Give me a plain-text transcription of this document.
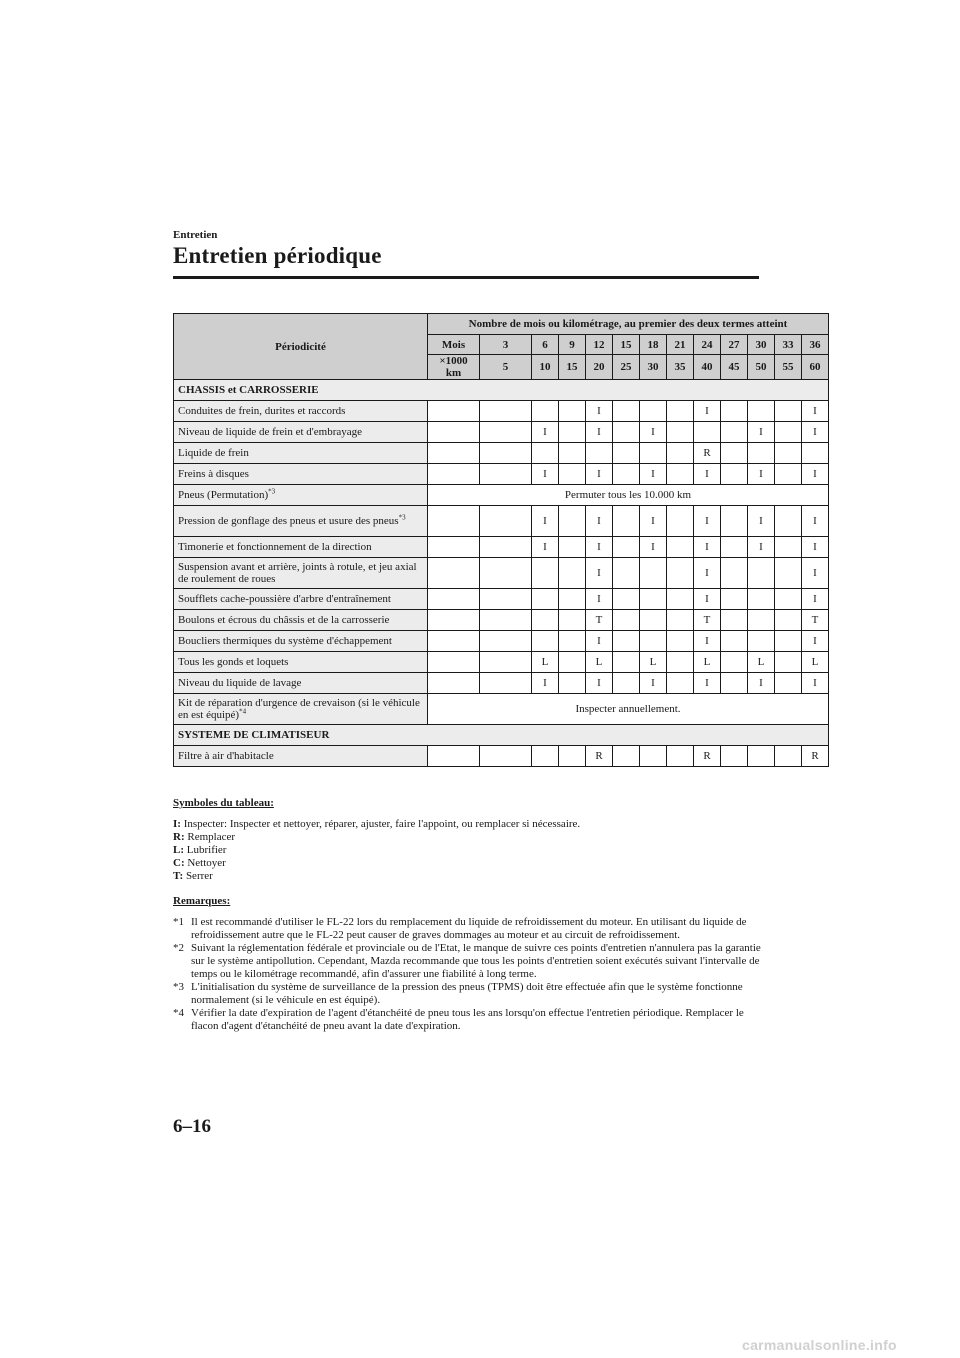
Entretien
Entretien périodique
Périodicité	Nombre de mois ou kilométrage, au premier des deux termes atteint												
	Mois	3	6	9	12	15	18	21	24	27	30	33	36
	×1000 km	5	10	15	20	25	30	35	40	45	50	55	60
CHASSIS et CARROSSERIE													
Conduites de frein, durites et raccords					I				I				I
Niveau de liquide de frein et d'embrayage			I		I		I				I		I
Liquide de frein									R				
Freins à disques			I		I		I		I		I		I
Pneus (Permutation)$^{*3}$	Permuter tous les 10.000 km												
Pression de gonflage des pneus et usure des pneus$^{*3}$			I		I		I		I		I		I
Timonerie et fonctionnement de la direction			I		I		I		I		I		I
Suspension avant et arrière, joints à rotule, et jeu axial de roulement de roues					I				I				I
Soufflets cache-poussière d'arbre d'entraînement					I				I				I
Boulons et écrous du châssis et de la carrosserie					T				T				T
Boucliers thermiques du système d'échappement					I				I				I
Tous les gonds et loquets			L		L		L		L		L		L
Niveau du liquide de lavage			I		I		I		I		I		I
Kit de réparation d'urgence de crevaison (si le véhicule en est équipé)$^{*4}$	Inspecter annuellement.												
SYSTEME DE CLIMATISEUR													
Filtre à air d'habitacle					R				R				R
Symboles du tableau:
I: Inspecter: Inspecter et nettoyer, réparer, ajuster, faire l'appoint, ou remplacer si nécessaire.
R: Remplacer
L: Lubrifier
C: Nettoyer
T: Serrer
Remarques:
*1 Il est recommandé d'utiliser le FL-22 lors du remplacement du liquide de refroidissement du moteur. En utilisant du liquide de refroidissement autre que le FL-22 peut causer de graves dommages au moteur et au circuit de refroidissement.
*2 Suivant la réglementation fédérale et provinciale ou de l'Etat, le manque de suivre ces points d'entretien n'annulera pas la garantie sur le système antipollution. Cependant, Mazda recommande que tous les points d'entretien soient exécutés suivant l'intervalle de temps ou le kilométrage recommandé, afin d'assurer une fiabilité à long terme.
*3 L'initialisation du système de surveillance de la pression des pneus (TPMS) doit être effectuée afin que le système fonctionne normalement (si le véhicule en est équipé).
*4 Vérifier la date d'expiration de l'agent d'étanchéité de pneu tous les ans lorsqu'on effectue l'entretien périodique. Remplacer le flacon d'agent d'étanchéité de pneu avant la date d'expiration.
6–16
carmanualsonline.info
